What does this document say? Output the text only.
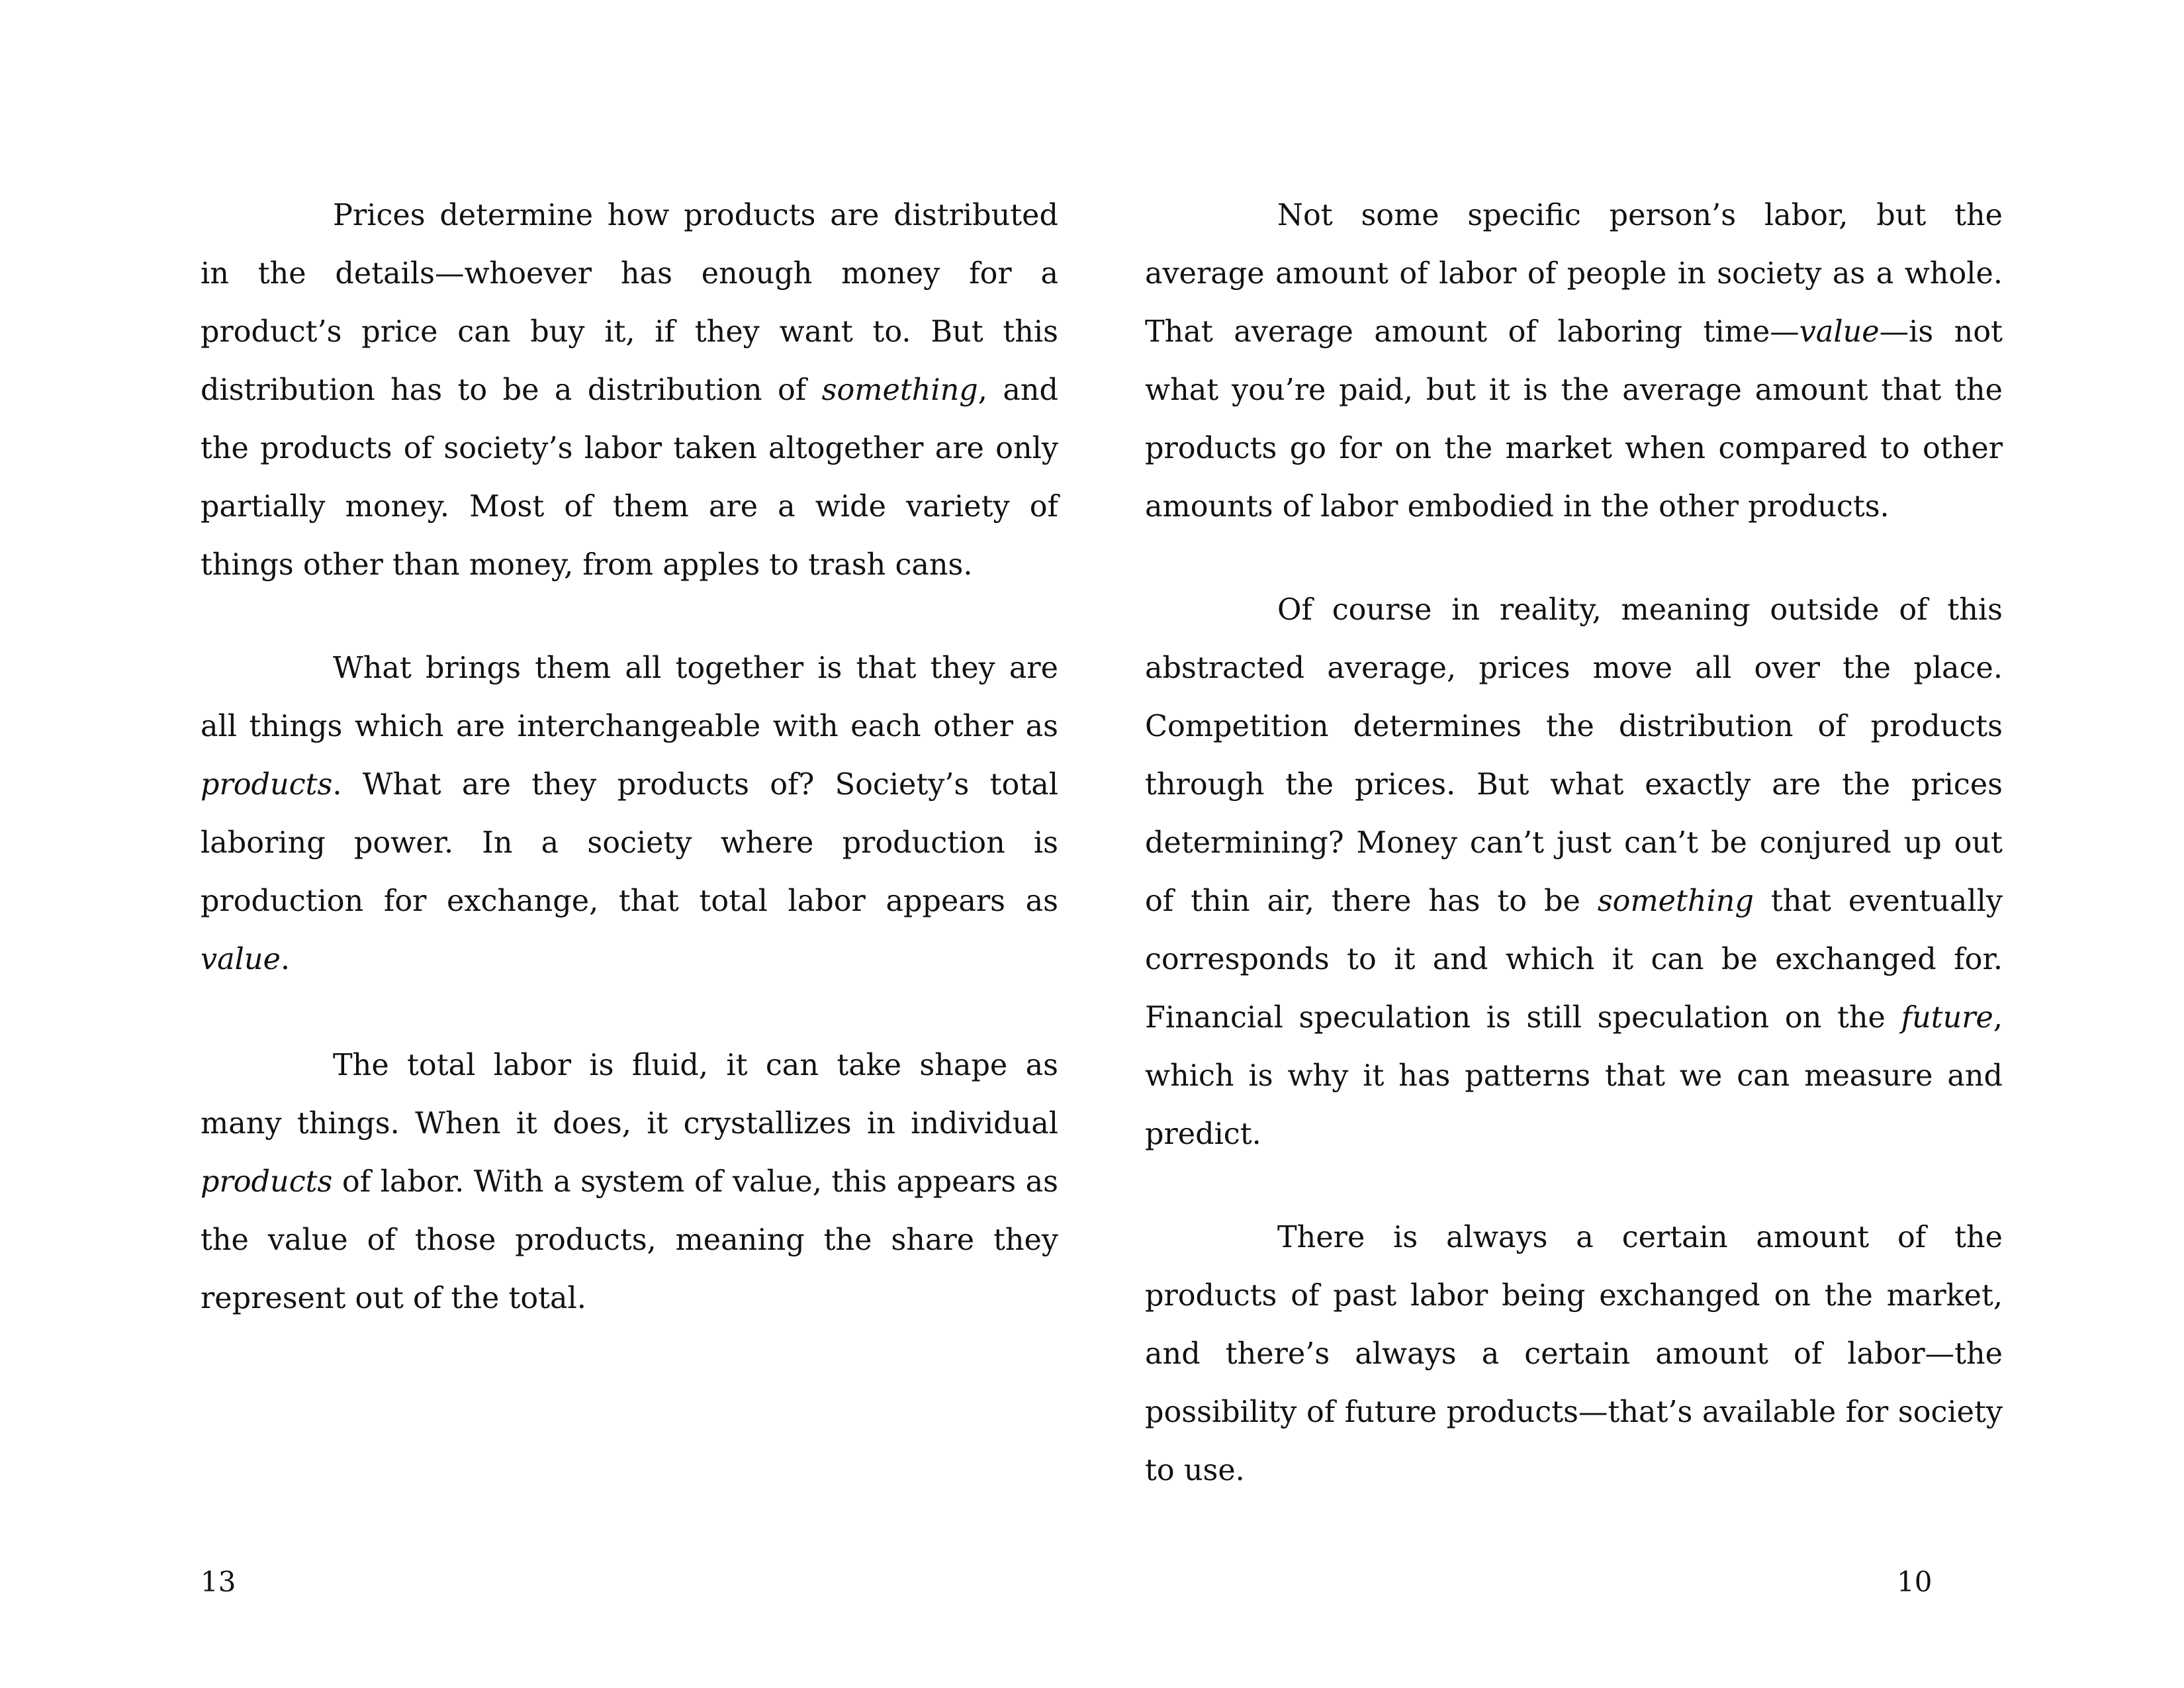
Prices determine how products are distributed in the details—whoever has enough money for a product’s price can buy it, if they want to. But this distribution has to be a distribution of something, and the products of society’s labor taken altogether are only partially money. Most of them are a wide variety of things other than money, from apples to trash cans.

What brings them all together is that they are all things which are interchangeable with each other as products. What are they products of? Society’s total laboring power. In a society where production is production for exchange, that total labor appears as value.

The total labor is fluid, it can take shape as many things. When it does, it crystallizes in individual products of labor. With a system of value, this appears as the value of those products, meaning the share they represent out of the total.

Not some specific person’s labor, but the average amount of labor of people in society as a whole. That average amount of laboring time—value—is not what you’re paid, but it is the average amount that the products go for on the market when compared to other amounts of labor embodied in the other products.

Of course in reality, meaning outside of this abstracted average, prices move all over the place. Competition determines the distribution of products through the prices. But what exactly are the prices determining? Money can’t just can’t be conjured up out of thin air, there has to be something that eventually corresponds to it and which it can be exchanged for. Financial speculation is still speculation on the future, which is why it has patterns that we can measure and predict.

There is always a certain amount of the products of past labor being exchanged on the market, and there’s always a certain amount of labor—the possibility of future products—that’s available for society to use.

13	10
